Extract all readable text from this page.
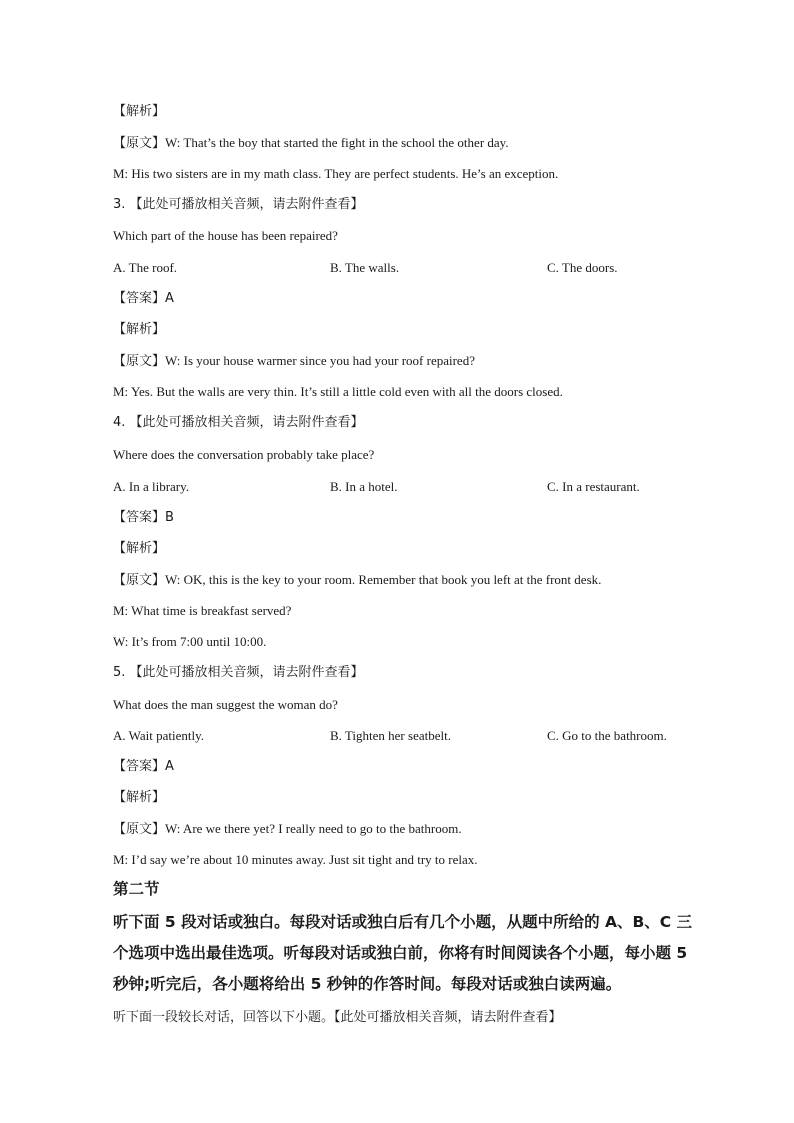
【解析】
【原文】W: That’s the boy that started the fight in the school the other day.
M: His two sisters are in my math class. They are perfect students. He’s an exception.
3. 【此处可播放相关音频，请去附件查看】
Which part of the house has been repaired?
A. The roof.	B. The walls.	C. The doors.
【答案】A
【解析】
【原文】W: Is your house warmer since you had your roof repaired?
M: Yes. But the walls are very thin. It’s still a little cold even with all the doors closed.
4. 【此处可播放相关音频，请去附件查看】
Where does the conversation probably take place?
A. In a library.	B. In a hotel.	C. In a restaurant.
【答案】B
【解析】
【原文】W: OK, this is the key to your room. Remember that book you left at the front desk.
M: What time is breakfast served?
W: It’s from 7:00 until 10:00.
5. 【此处可播放相关音频，请去附件查看】
What does the man suggest the woman do?
A. Wait patiently.	B. Tighten her seatbelt.	C. Go to the bathroom.
【答案】A
【解析】
【原文】W: Are we there yet? I really need to go to the bathroom.
M: I’d say we’re about 10 minutes away. Just sit tight and try to relax.
第二节
听下面 5 段对话或独白。每段对话或独白后有几个小题，从题中所给的 A、B、C 三
个选项中选出最佳选项。听每段对话或独白前，你将有时间阅读各个小题，每小题 5
秒钟;听完后，各小题将给出 5 秒钟的作答时间。每段对话或独白读两遍。
听下面一段较长对话，回答以下小题。【此处可播放相关音频，请去附件查看】
